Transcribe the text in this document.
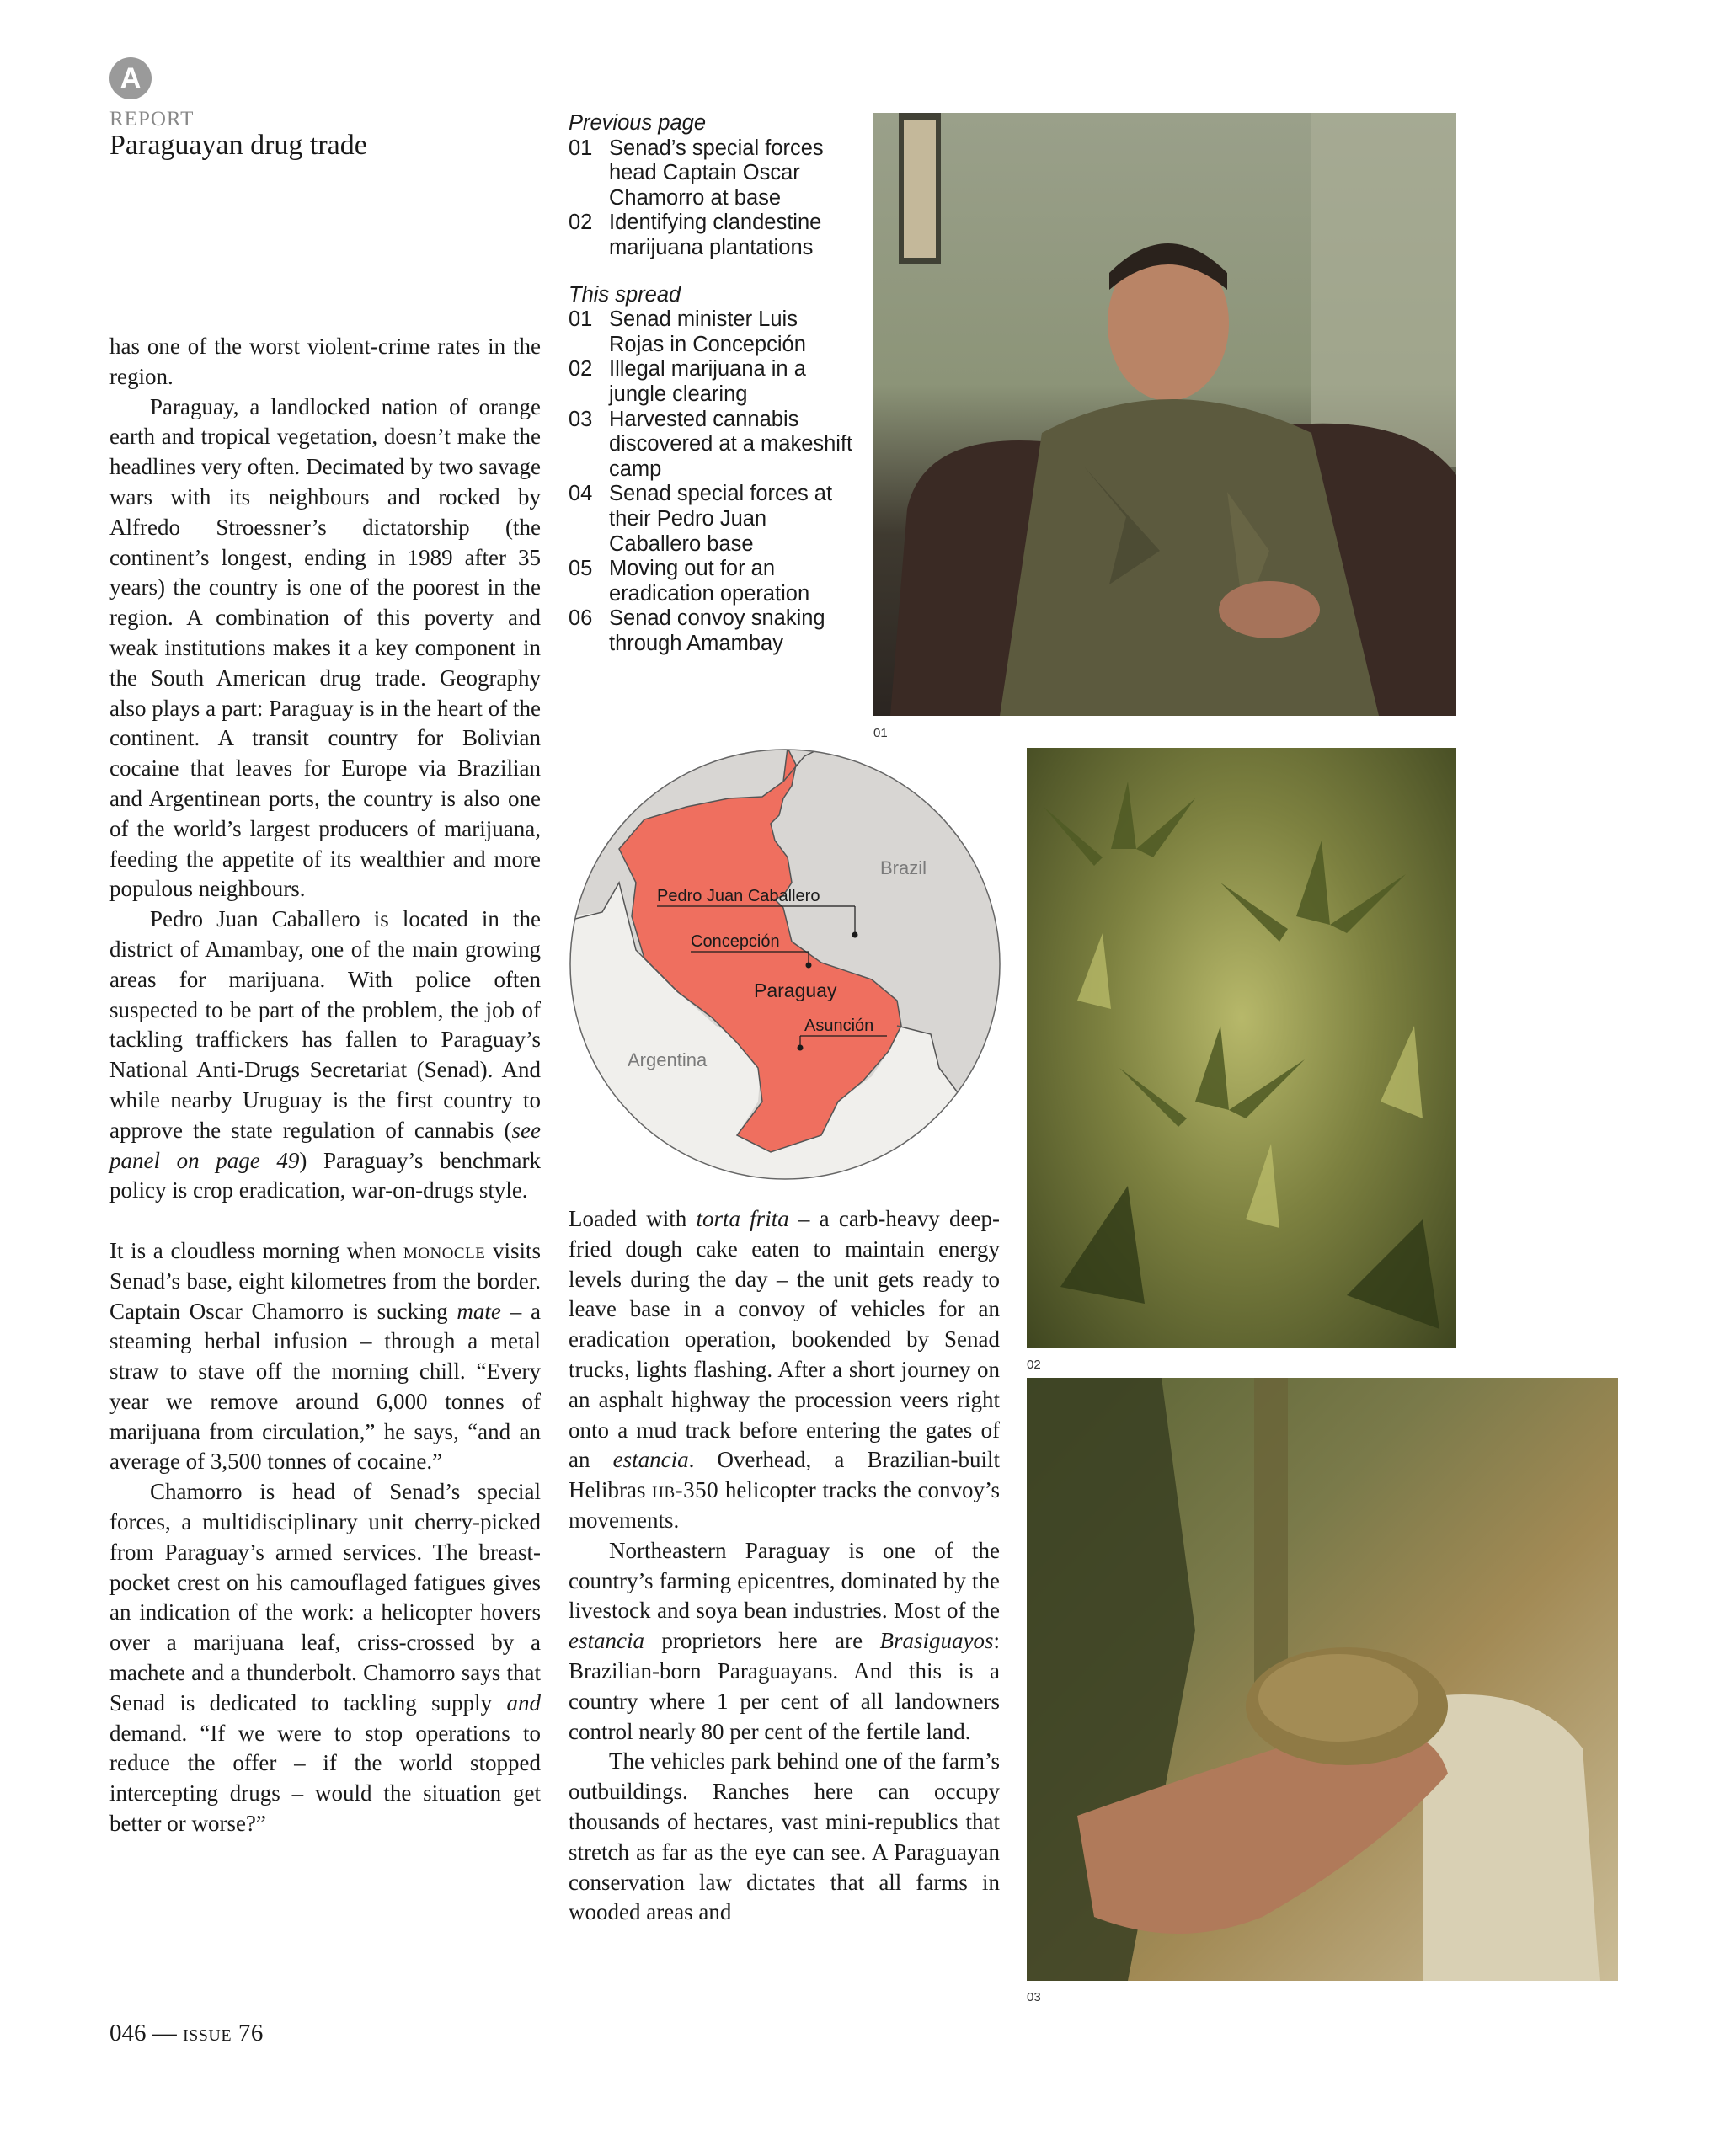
A
REPORT
Paraguayan drug trade
Previous page
01 Senad’s special forces head Captain Oscar Chamorro at base
02 Identifying clandestine marijuana plantations
This spread
01 Senad minister Luis Rojas in Concepción
02 Illegal marijuana in a jungle clearing
03 Harvested cannabis discovered at a makeshift camp
04 Senad special forces at their Pedro Juan Caballero base
05 Moving out for an eradication operation
06 Senad convoy snaking through Amambay
01
Brazil
Argentina
Paraguay
Pedro Juan Caballero
Concepción
Asunción
02
03

has one of the worst violent-crime rates in the region.

Paraguay, a landlocked nation of orange earth and tropical vegetation, doesn’t make the headlines very often. Decimated by two savage wars with its neighbours and rocked by Alfredo Stroessner’s dictatorship (the continent’s longest, ending in 1989 after 35 years) the country is one of the poorest in the region. A combination of this poverty and weak institutions makes it a key component in the South American drug trade. Geography also plays a part: Paraguay is in the heart of the continent. A transit country for Bolivian cocaine that leaves for Europe via Brazilian and Argentinean ports, the country is also one of the world’s largest producers of marijuana, feeding the appetite of its wealthier and more populous neighbours.

Pedro Juan Caballero is located in the district of Amambay, one of the main growing areas for marijuana. With police often suspected to be part of the problem, the job of tackling traffickers has fallen to Paraguay’s National Anti-Drugs Secretariat (Senad). And while nearby Uruguay is the first country to approve the state regulation of cannabis (see panel on page 49) Paraguay’s benchmark policy is crop eradication, war-on-drugs style.

It is a cloudless morning when monocle visits Senad’s base, eight kilometres from the border. Captain Oscar Chamorro is sucking mate – a steaming herbal infusion – through a metal straw to stave off the morning chill. “Every year we remove around 6,000 tonnes of marijuana from circulation,” he says, “and an average of 3,500 tonnes of cocaine.”

Chamorro is head of Senad’s special forces, a multidisciplinary unit cherry-picked from Paraguay’s armed services. The breast-pocket crest on his camouflaged fatigues gives an indication of the work: a helicopter hovers over a marijuana leaf, criss-crossed by a machete and a thunderbolt. Chamorro says that Senad is dedicated to tackling supply and demand. “If we were to stop operations to reduce the offer – if the world stopped intercepting drugs – would the situation get better or worse?”

Loaded with torta frita – a carb-heavy deep-fried dough cake eaten to maintain energy levels during the day – the unit gets ready to leave base in a convoy of vehicles for an eradication operation, bookended by Senad trucks, lights flashing. After a short journey on an asphalt highway the procession veers right onto a mud track before entering the gates of an estancia. Overhead, a Brazilian-built Helibras hb-350 helicopter tracks the convoy’s movements.

Northeastern Paraguay is one of the country’s farming epicentres, dominated by the livestock and soya bean industries. Most of the estancia proprietors here are Brasiguayos: Brazilian-born Paraguayans. And this is a country where 1 per cent of all landowners control nearly 80 per cent of the fertile land.

The vehicles park behind one of the farm’s outbuildings. Ranches here can occupy thousands of hectares, vast mini-republics that stretch as far as the eye can see. A Paraguayan conservation law dictates that all farms in wooded areas and

046 — issue 76
